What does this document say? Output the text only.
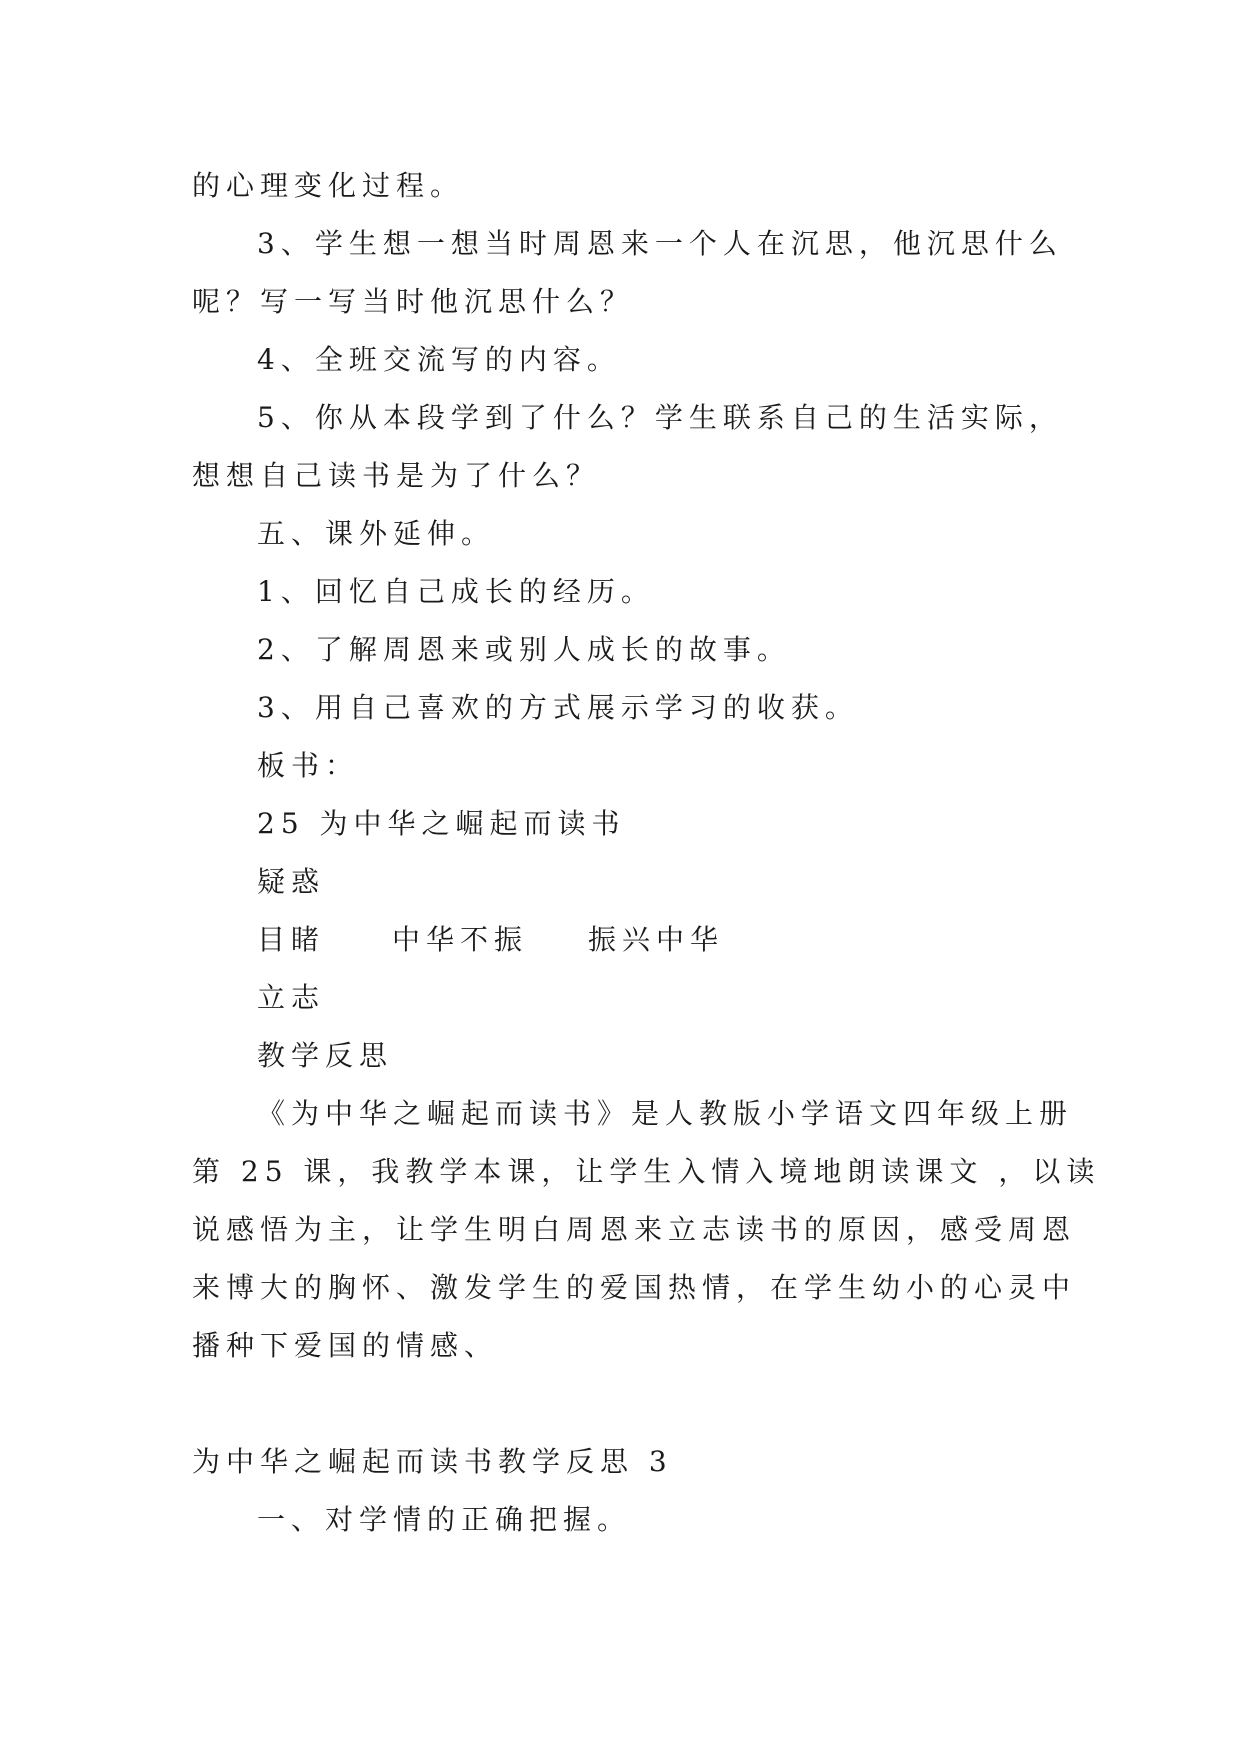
的心理变化过程。
3、学生想一想当时周恩来一个人在沉思，他沉思什么
呢？写一写当时他沉思什么？
4、全班交流写的内容。
5、你从本段学到了什么？学生联系自己的生活实际，
想想自己读书是为了什么？
五、课外延伸。
1、回忆自己成长的经历。
2、了解周恩来或别人成长的故事。
3、用自己喜欢的方式展示学习的收获。
板书：
25 为中华之崛起而读书
疑惑
目睹	中华不振 振兴中华
立志
教学反思
《为中华之崛起而读书》是人教版小学语文四年级上册
第 25 课，我教学本课，让学生入情入境地朗读课文 ，以读
说感悟为主，让学生明白周恩来立志读书的原因，感受周恩
来博大的胸怀、激发学生的爱国热情，在学生幼小的心灵中
播种下爱国的情感、
为中华之崛起而读书教学反思 3
一、对学情的正确把握。
